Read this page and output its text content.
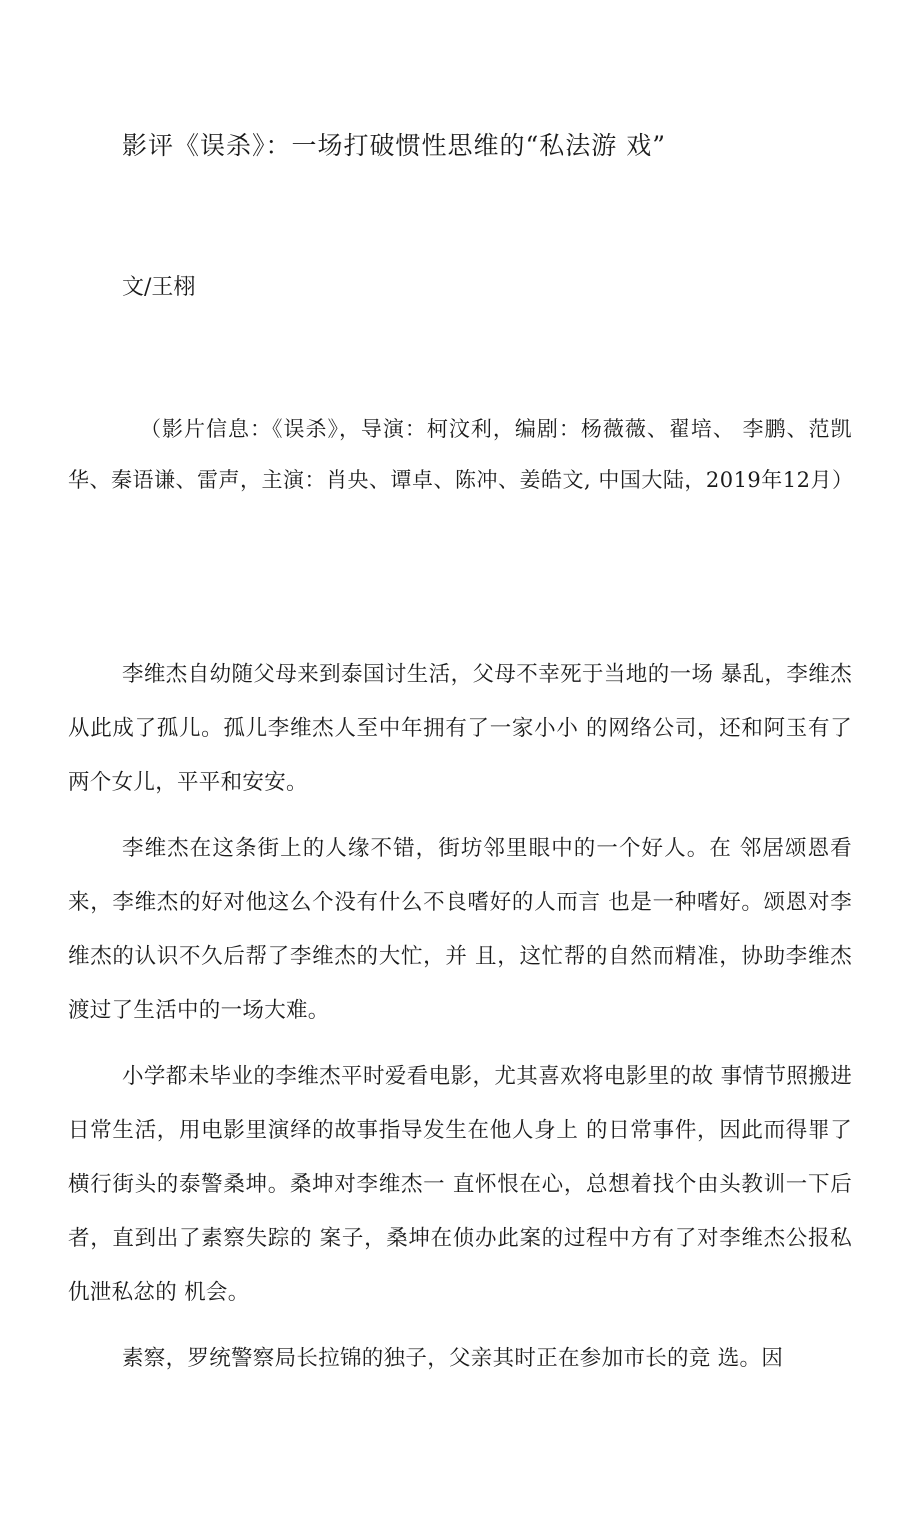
影评《误杀》：一场打破惯性思维的“私法游 戏”

文/王栩

（影片信息：《误杀》，导演：柯汶利，编剧：杨薇薇、翟培、 李鹏、范凯华、秦语谦、雷声，主演：肖央、谭卓、陈冲、姜皓文, 中国大陆，2019年12月）

李维杰自幼随父母来到泰国讨生活，父母不幸死于当地的一场 暴乱，李维杰从此成了孤儿。孤儿李维杰人至中年拥有了一家小小 的网络公司，还和阿玉有了两个女儿，平平和安安。

李维杰在这条街上的人缘不错，街坊邻里眼中的一个好人。在 邻居颂恩看来，李维杰的好对他这么个没有什么不良嗜好的人而言 也是一种嗜好。颂恩对李维杰的认识不久后帮了李维杰的大忙，并 且，这忙帮的自然而精准，协助李维杰渡过了生活中的一场大难。

小学都未毕业的李维杰平时爱看电影，尤其喜欢将电影里的故 事情节照搬进日常生活，用电影里演绎的故事指导发生在他人身上 的日常事件，因此而得罪了横行街头的泰警桑坤。桑坤对李维杰一 直怀恨在心，总想着找个由头教训一下后者，直到出了素察失踪的 案子，桑坤在侦办此案的过程中方有了对李维杰公报私仇泄私忿的 机会。

素察，罗统警察局长拉锦的独子，父亲其时正在参加市长的竞 选。因
